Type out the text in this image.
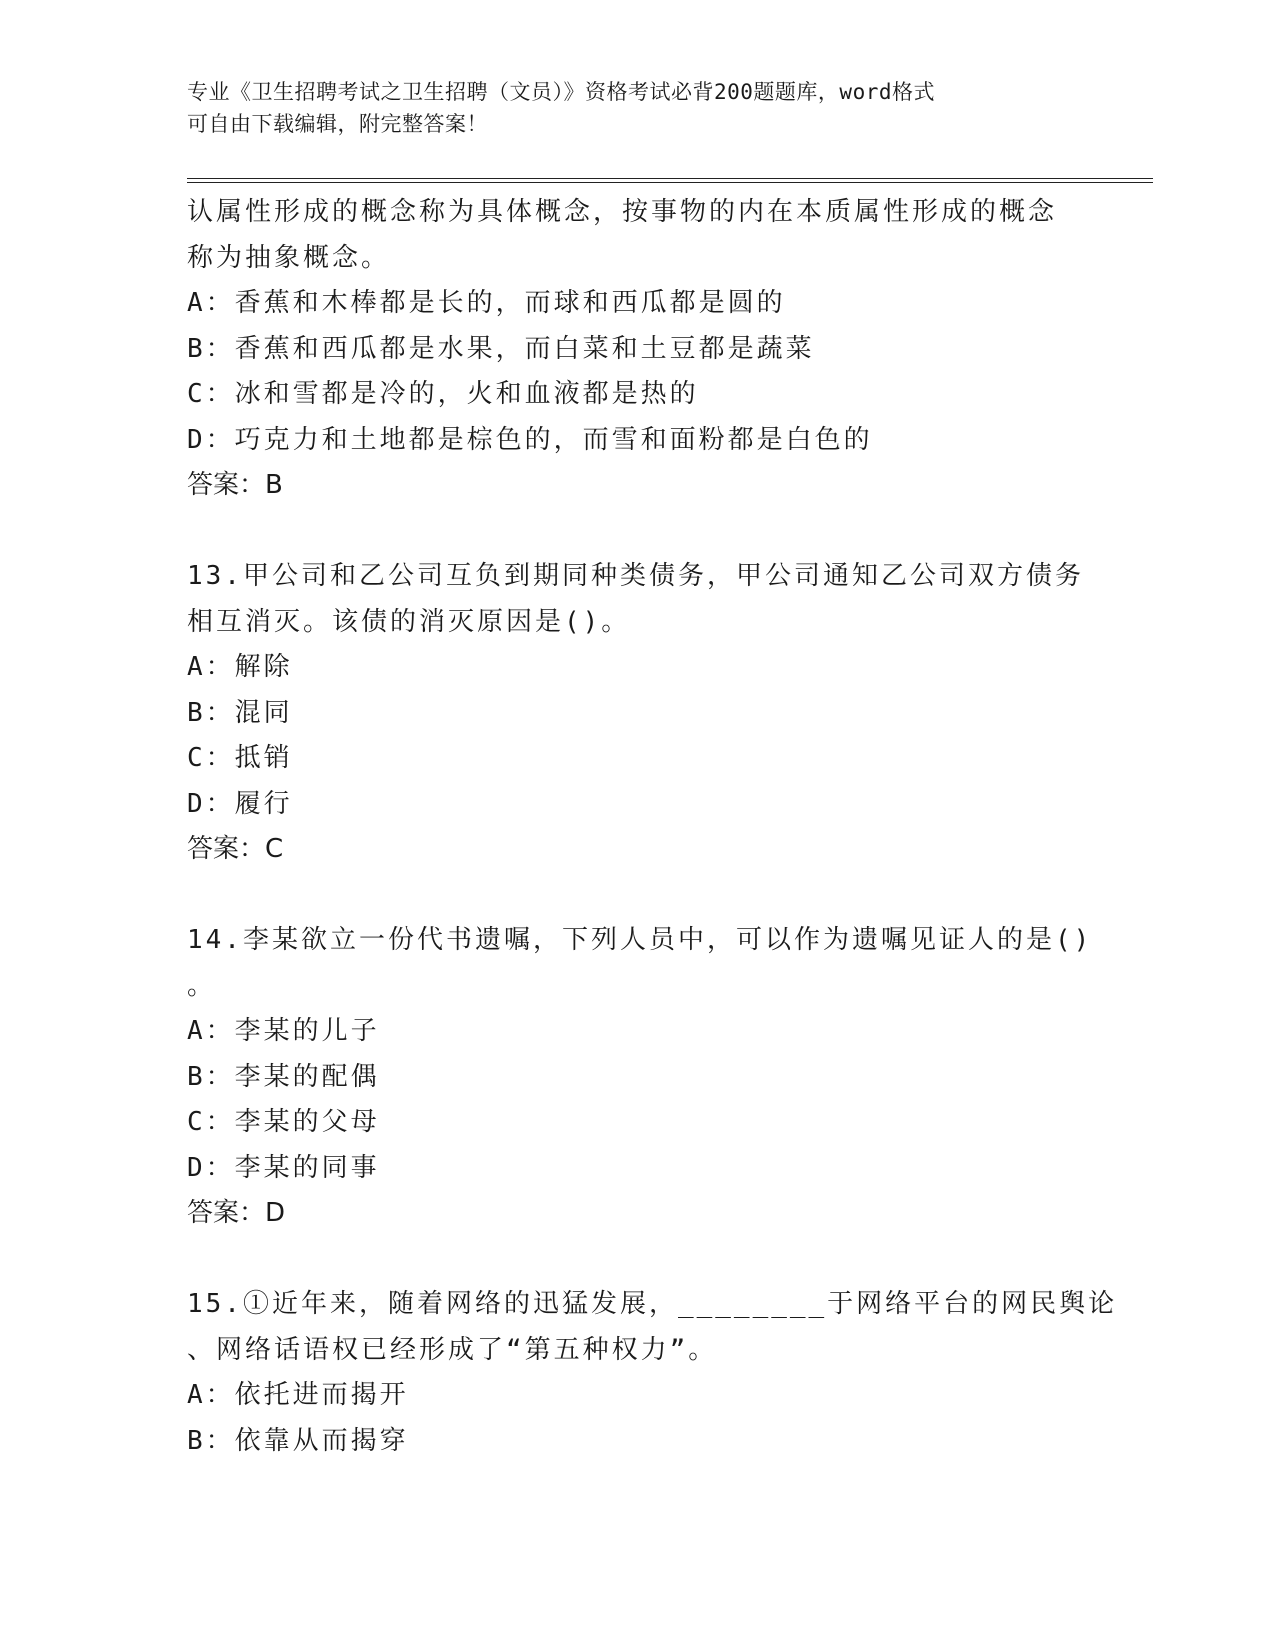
专业《卫生招聘考试之卫生招聘（文员）》资格考试必背200题题库，word格式
可自由下载编辑，附完整答案！
认属性形成的概念称为具体概念，按事物的内在本质属性形成的概念
称为抽象概念。
A：香蕉和木棒都是长的，而球和西瓜都是圆的
B：香蕉和西瓜都是水果，而白菜和土豆都是蔬菜
C：冰和雪都是冷的，火和血液都是热的
D：巧克力和土地都是棕色的，而雪和面粉都是白色的
答案：B
13.甲公司和乙公司互负到期同种类债务，甲公司通知乙公司双方债务
相互消灭。该债的消灭原因是()。
A：解除
B：混同
C：抵销
D：履行
答案：C
14.李某欲立一份代书遗嘱，下列人员中，可以作为遗嘱见证人的是()
。
A：李某的儿子
B：李某的配偶
C：李某的父母
D：李某的同事
答案：D
15.①近年来，随着网络的迅猛发展，________于网络平台的网民舆论
、网络话语权已经形成了“第五种权力”。
A：依托进而揭开
B：依靠从而揭穿
